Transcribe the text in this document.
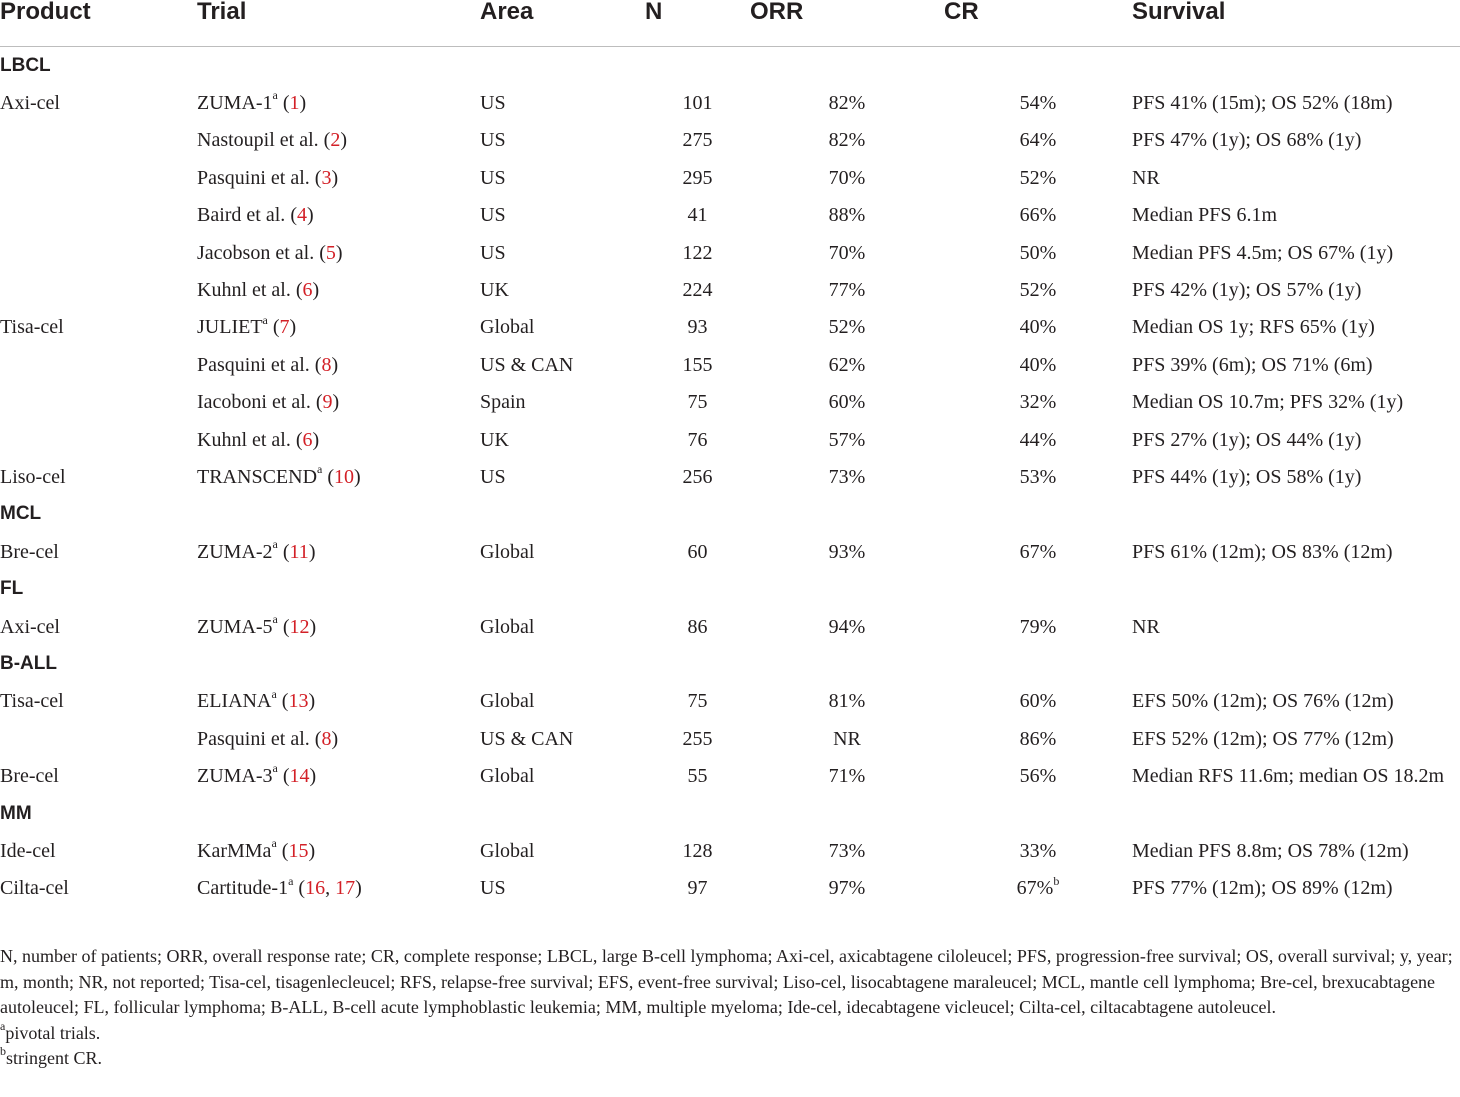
Product	Trial	Area	N	ORR	CR	Survival
LBCL						
Axi-cel	ZUMA-1$^a$ (1)	US	101	82%	54%	PFS 41% (15m); OS 52% (18m)
	Nastoupil et al. (2)	US	275	82%	64%	PFS 47% (1y); OS 68% (1y)
	Pasquini et al. (3)	US	295	70%	52%	NR
	Baird et al. (4)	US	41	88%	66%	Median PFS 6.1m
	Jacobson et al. (5)	US	122	70%	50%	Median PFS 4.5m; OS 67% (1y)
	Kuhnl et al. (6)	UK	224	77%	52%	PFS 42% (1y); OS 57% (1y)
Tisa-cel	JULIET$^a$ (7)	Global	93	52%	40%	Median OS 1y; RFS 65% (1y)
	Pasquini et al. (8)	US & CAN	155	62%	40%	PFS 39% (6m); OS 71% (6m)
	Iacoboni et al. (9)	Spain	75	60%	32%	Median OS 10.7m; PFS 32% (1y)
	Kuhnl et al. (6)	UK	76	57%	44%	PFS 27% (1y); OS 44% (1y)
Liso-cel	TRANSCEND$^a$ (10)	US	256	73%	53%	PFS 44% (1y); OS 58% (1y)
MCL						
Bre-cel	ZUMA-2$^a$ (11)	Global	60	93%	67%	PFS 61% (12m); OS 83% (12m)
FL						
Axi-cel	ZUMA-5$^a$ (12)	Global	86	94%	79%	NR
B-ALL						
Tisa-cel	ELIANA$^a$ (13)	Global	75	81%	60%	EFS 50% (12m); OS 76% (12m)
	Pasquini et al. (8)	US & CAN	255	NR	86%	EFS 52% (12m); OS 77% (12m)
Bre-cel	ZUMA-3$^a$ (14)	Global	55	71%	56%	Median RFS 11.6m; median OS 18.2m
MM						
Ide-cel	KarMMa$^a$ (15)	Global	128	73%	33%	Median PFS 8.8m; OS 78% (12m)
Cilta-cel	Cartitude-1$^a$ (16, 17)	US	97	97%	67%$^b$	PFS 77% (12m); OS 89% (12m)

N, number of patients; ORR, overall response rate; CR, complete response; LBCL, large B-cell lymphoma; Axi-cel, axicabtagene ciloleucel; PFS, progression-free survival; OS, overall survival; y, year; m, month; NR, not reported; Tisa-cel, tisagenlecleucel; RFS, relapse-free survival; EFS, event-free survival; Liso-cel, lisocabtagene maraleucel; MCL, mantle cell lymphoma; Bre-cel, brexucabtagene autoleucel; FL, follicular lymphoma; B-ALL, B-cell acute lymphoblastic leukemia; MM, multiple myeloma; Ide-cel, idecabtagene vicleucel; Cilta-cel, ciltacabtagene autoleucel.

$^a$pivotal trials.

$^b$stringent CR.
